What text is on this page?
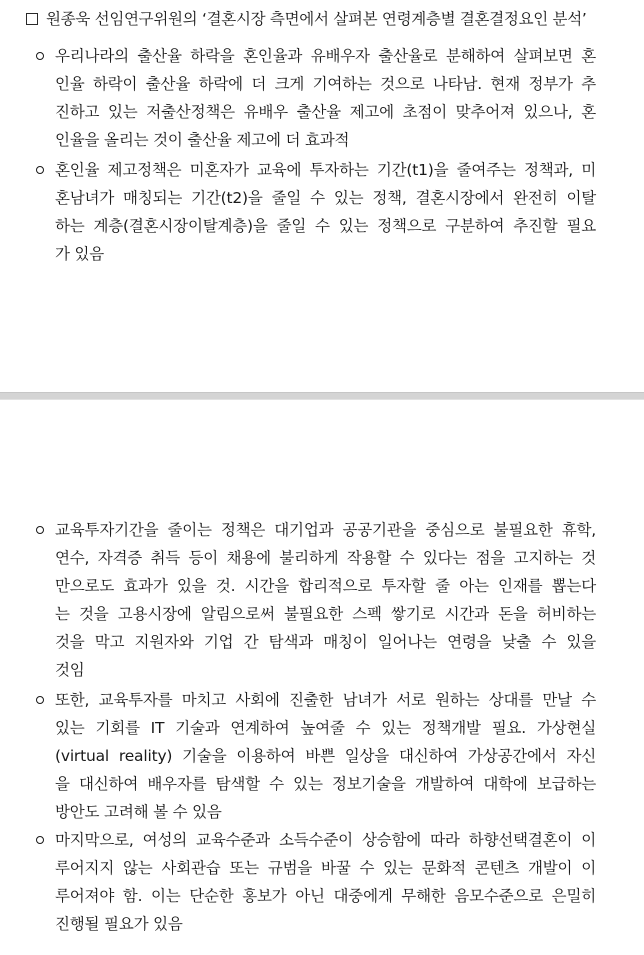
원종욱 선임연구위원의 ‘결혼시장 측면에서 살펴본 연령계층별 결혼결정요인 분석’
우리나라의 출산율 하락을 혼인율과 유배우자 출산율로 분해하여 살펴보면 혼
인율 하락이 출산율 하락에 더 크게 기여하는 것으로 나타남. 현재 정부가 추
진하고 있는 저출산정책은 유배우 출산율 제고에 초점이 맞추어져 있으나, 혼
인율을 올리는 것이 출산율 제고에 더 효과적
혼인율 제고정책은 미혼자가 교육에 투자하는 기간(t1)을 줄여주는 정책과, 미
혼남녀가 매칭되는 기간(t2)을 줄일 수 있는 정책, 결혼시장에서 완전히 이탈
하는 계층(결혼시장이탈계층)을 줄일 수 있는 정책으로 구분하여 추진할 필요
가 있음
교육투자기간을 줄이는 정책은 대기업과 공공기관을 중심으로 불필요한 휴학,
연수, 자격증 취득 등이 채용에 불리하게 작용할 수 있다는 점을 고지하는 것
만으로도 효과가 있을 것. 시간을 합리적으로 투자할 줄 아는 인재를 뽑는다
는 것을 고용시장에 알림으로써 불필요한 스펙 쌓기로 시간과 돈을 허비하는
것을 막고 지원자와 기업 간 탐색과 매칭이 일어나는 연령을 낮출 수 있을
것임
또한, 교육투자를 마치고 사회에 진출한 남녀가 서로 원하는 상대를 만날 수
있는 기회를 IT 기술과 연계하여 높여줄 수 있는 정책개발 필요. 가상현실
(virtual reality) 기술을 이용하여 바쁜 일상을 대신하여 가상공간에서 자신
을 대신하여 배우자를 탐색할 수 있는 정보기술을 개발하여 대학에 보급하는
방안도 고려해 볼 수 있음
마지막으로, 여성의 교육수준과 소득수준이 상승함에 따라 하향선택결혼이 이
루어지지 않는 사회관습 또는 규범을 바꿀 수 있는 문화적 콘텐츠 개발이 이
루어져야 함. 이는 단순한 홍보가 아닌 대중에게 무해한 음모수준으로 은밀히
진행될 필요가 있음
